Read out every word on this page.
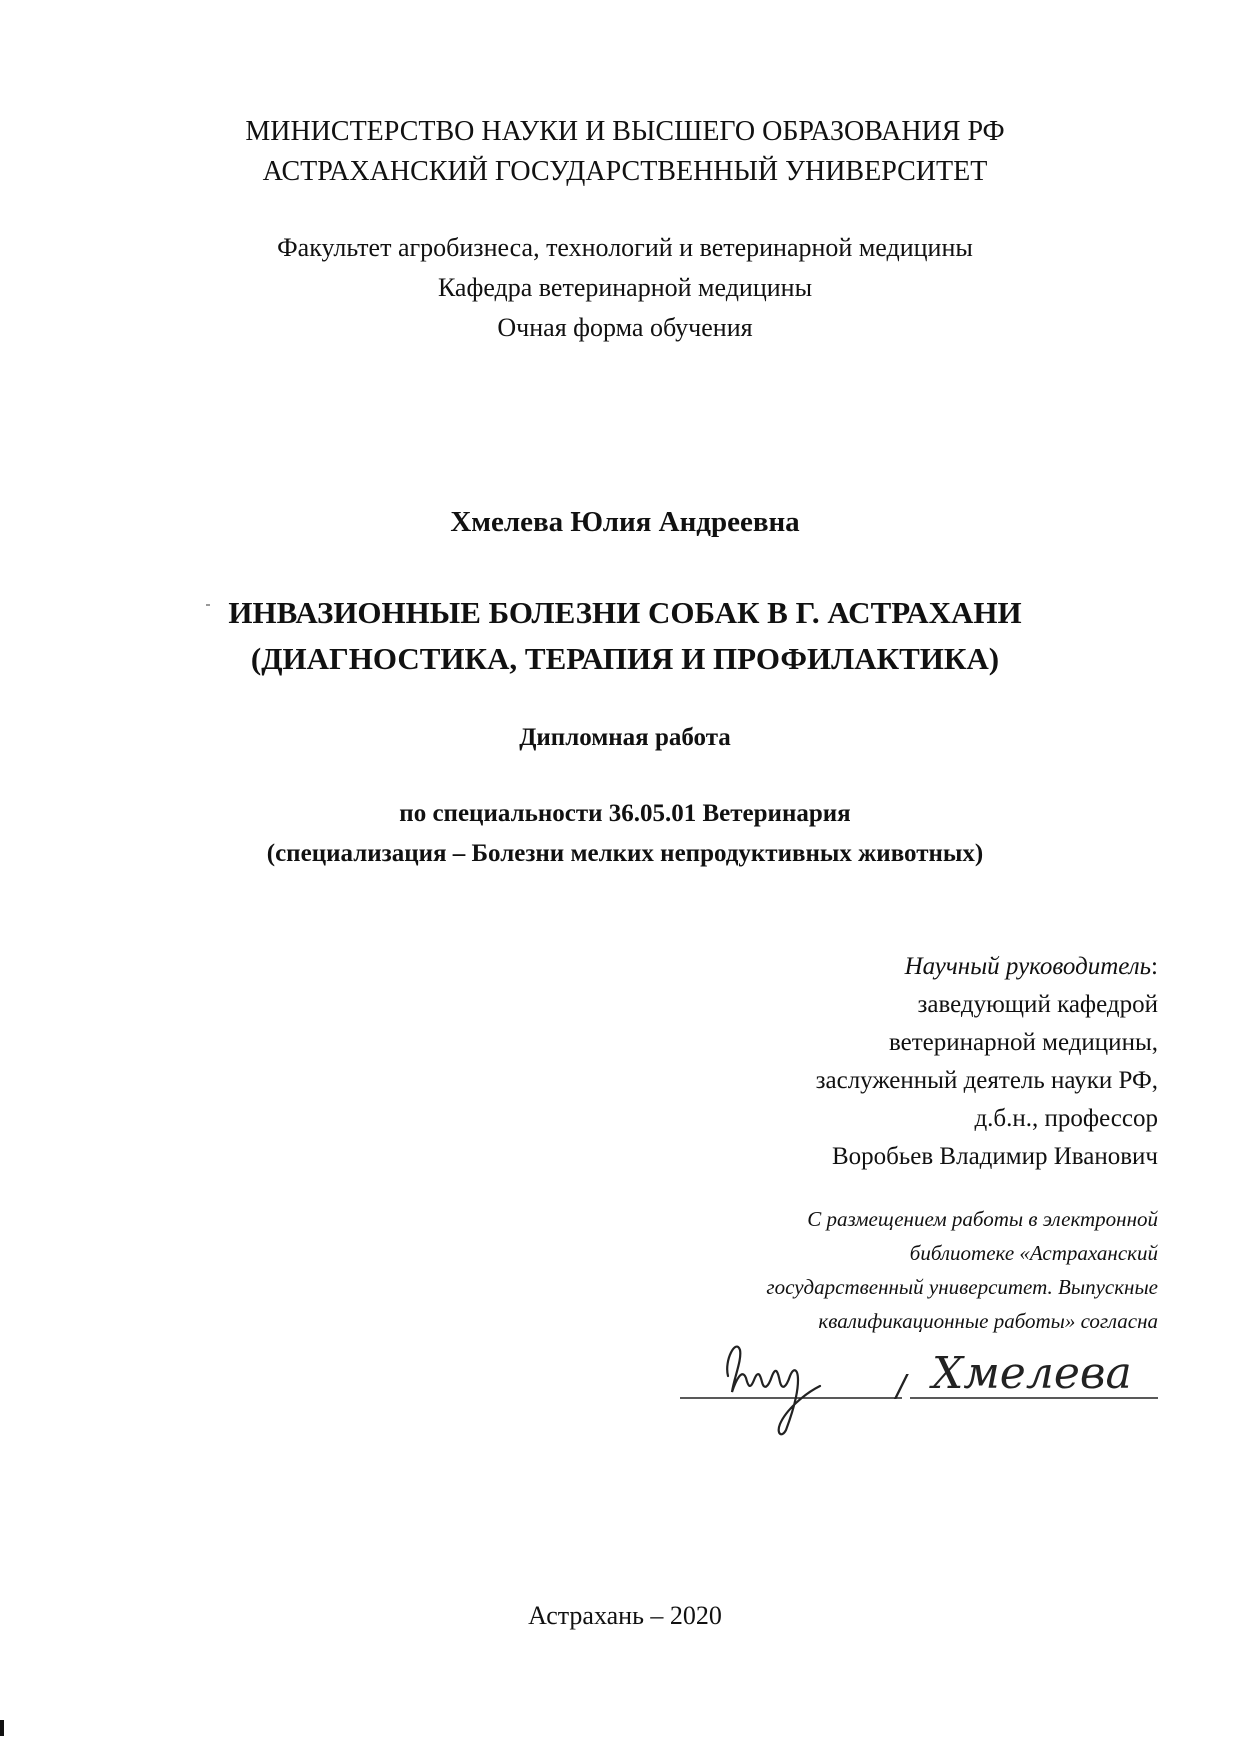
МИНИСТЕРСТВО НАУКИ И ВЫСШЕГО ОБРАЗОВАНИЯ РФ
АСТРАХАНСКИЙ ГОСУДАРСТВЕННЫЙ УНИВЕРСИТЕТ
Факультет агробизнеса, технологий и ветеринарной медицины
Кафедра ветеринарной медицины
Очная форма обучения
Хмелева Юлия Андреевна
ИНВАЗИОННЫЕ БОЛЕЗНИ СОБАК В Г. АСТРАХАНИ
(ДИАГНОСТИКА, ТЕРАПИЯ И ПРОФИЛАКТИКА)
Дипломная работа
по специальности 36.05.01 Ветеринария
(специализация – Болезни мелких непродуктивных животных)
Научный руководитель:
заведующий кафедрой
ветеринарной медицины,
заслуженный деятель науки РФ,
д.б.н., профессор
Воробьев Владимир Иванович
С размещением работы в электронной
библиотеке «Астраханский
государственный университет. Выпускные
квалификационные работы» согласна
/ Хмелева
Астрахань – 2020
